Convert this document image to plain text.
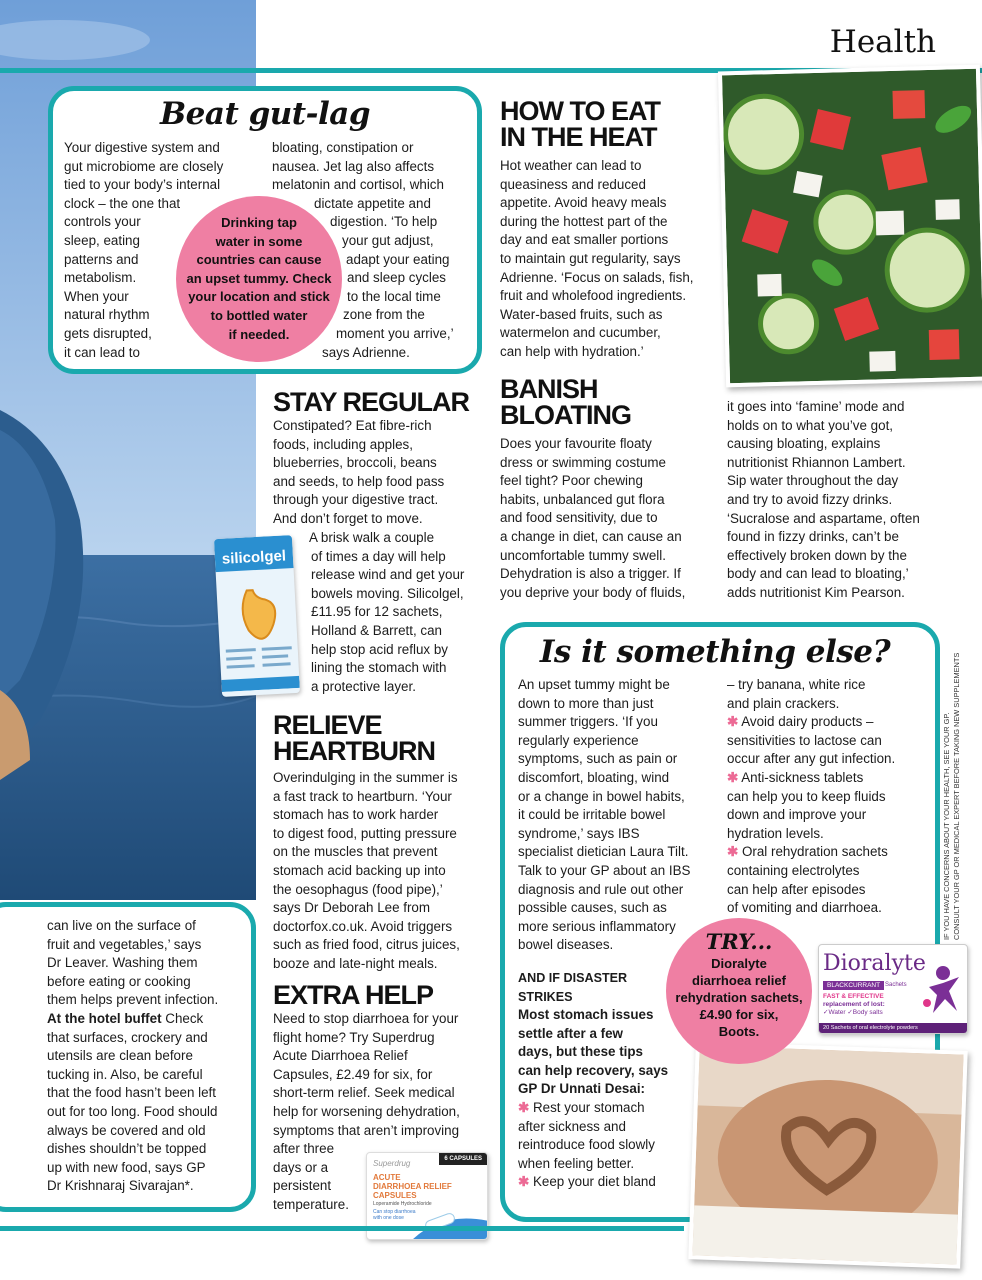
Health
Beat gut-lag
Your digestive system and
gut microbiome are closely
tied to your body’s internal
clock – the one that
controls your
sleep, eating
patterns and
metabolism.
When your
natural rhythm
gets disrupted,
it can lead to
bloating, constipation or
nausea. Jet lag also affects
melatonin and cortisol, which
dictate appetite and
digestion. ‘To help
your gut adjust,
adapt your eating
and sleep cycles
to the local time
zone from the
moment you arrive,’
says Adrienne.
Drinking tap
water in some
countries can cause
an upset tummy. Check
your location and stick
to bottled water
if needed.
HOW TO EAT
IN THE HEAT
Hot weather can lead to
queasiness and reduced
appetite. Avoid heavy meals
during the hottest part of the
day and eat smaller portions
to maintain gut regularity, says
Adrienne. ‘Focus on salads, fish,
fruit and wholefood ingredients.
Water-based fruits, such as
watermelon and cucumber,
can help with hydration.’
STAY REGULAR
Constipated? Eat fibre-rich
foods, including apples,
blueberries, broccoli, beans
and seeds, to help food pass
through your digestive tract.
And don’t forget to move.
A brisk walk a couple
of times a day will help
release wind and get your
bowels moving. Silicolgel,
£11.95 for 12 sachets,
Holland & Barrett, can
help stop acid reflux by
lining the stomach with
a protective layer.
silicolgel
BANISH
BLOATING
Does your favourite floaty
dress or swimming costume
feel tight? Poor chewing
habits, unbalanced gut flora
and food sensitivity, due to
a change in diet, can cause an
uncomfortable tummy swell.
Dehydration is also a trigger. If
you deprive your body of fluids,
it goes into ‘famine’ mode and
holds on to what you’ve got,
causing bloating, explains
nutritionist Rhiannon Lambert.
Sip water throughout the day
and try to avoid fizzy drinks.
‘Sucralose and aspartame, often
found in fizzy drinks, can’t be
effectively broken down by the
body and can lead to bloating,’
adds nutritionist Kim Pearson.
RELIEVE
HEARTBURN
Overindulging in the summer is
a fast track to heartburn. ‘Your
stomach has to work harder
to digest food, putting pressure
on the muscles that prevent
stomach acid backing up into
the oesophagus (food pipe),’
says Dr Deborah Lee from
doctorfox.co.uk. Avoid triggers
such as fried food, citrus juices,
booze and late-night meals.
EXTRA HELP
Need to stop diarrhoea for your
flight home? Try Superdrug
Acute Diarrhoea Relief
Capsules, £2.49 for six, for
short-term relief. Seek medical
help for worsening dehydration,
symptoms that aren’t improving
after three
days or a
persistent
temperature.
Superdrug	6 CAPSULES
ACUTE
DIARRHOEA RELIEF
CAPSULES
Loperamide Hydrochloride
Can stop diarrhoea
with one dose
can live on the surface of
fruit and vegetables,’ says
Dr Leaver. Washing them
before eating or cooking
them helps prevent infection.
At the hotel buffet Check
that surfaces, crockery and
utensils are clean before
tucking in. Also, be careful
that the food hasn’t been left
out for too long. Food should
always be covered and old
dishes shouldn’t be topped
up with new food, says GP
Dr Krishnaraj Sivarajan*.
Is it something else?
An upset tummy might be
down to more than just
summer triggers. ‘If you
regularly experience
symptoms, such as pain or
discomfort, bloating, wind
or a change in bowel habits,
it could be irritable bowel
syndrome,’ says IBS
specialist dietician Laura Tilt.
Talk to your GP about an IBS
diagnosis and rule out other
possible causes, such as
more serious inflammatory
bowel diseases.
AND IF DISASTER
STRIKES
Most stomach issues
settle after a few
days, but these tips
can help recovery, says
GP Dr Unnati Desai:
✱ Rest your stomach
after sickness and
reintroduce food slowly
when feeling better.
✱ Keep your diet bland
– try banana, white rice
and plain crackers.
✱ Avoid dairy products –
sensitivities to lactose can
occur after any gut infection.
✱ Anti-sickness tablets
can help you to keep fluids
down and improve your
hydration levels.
✱ Oral rehydration sachets
containing electrolytes
can help after episodes
of vomiting and diarrhoea.	IF YOU HAVE CONCERNS ABOUT YOUR HEALTH, SEE YOUR GP. CONSULT YOUR GP OR MEDICAL EXPERT BEFORE TAKING NEW SUPPLEMENTS
Dioralyte
BLACKCURRANT Sachets
FAST & EFFECTIVE
replacement of lost:
✓Water ✓Body salts
20 Sachets of oral electrolyte powders
TRY...
Dioralyte
diarrhoea relief
rehydration sachets,
£4.90 for six,
Boots.
